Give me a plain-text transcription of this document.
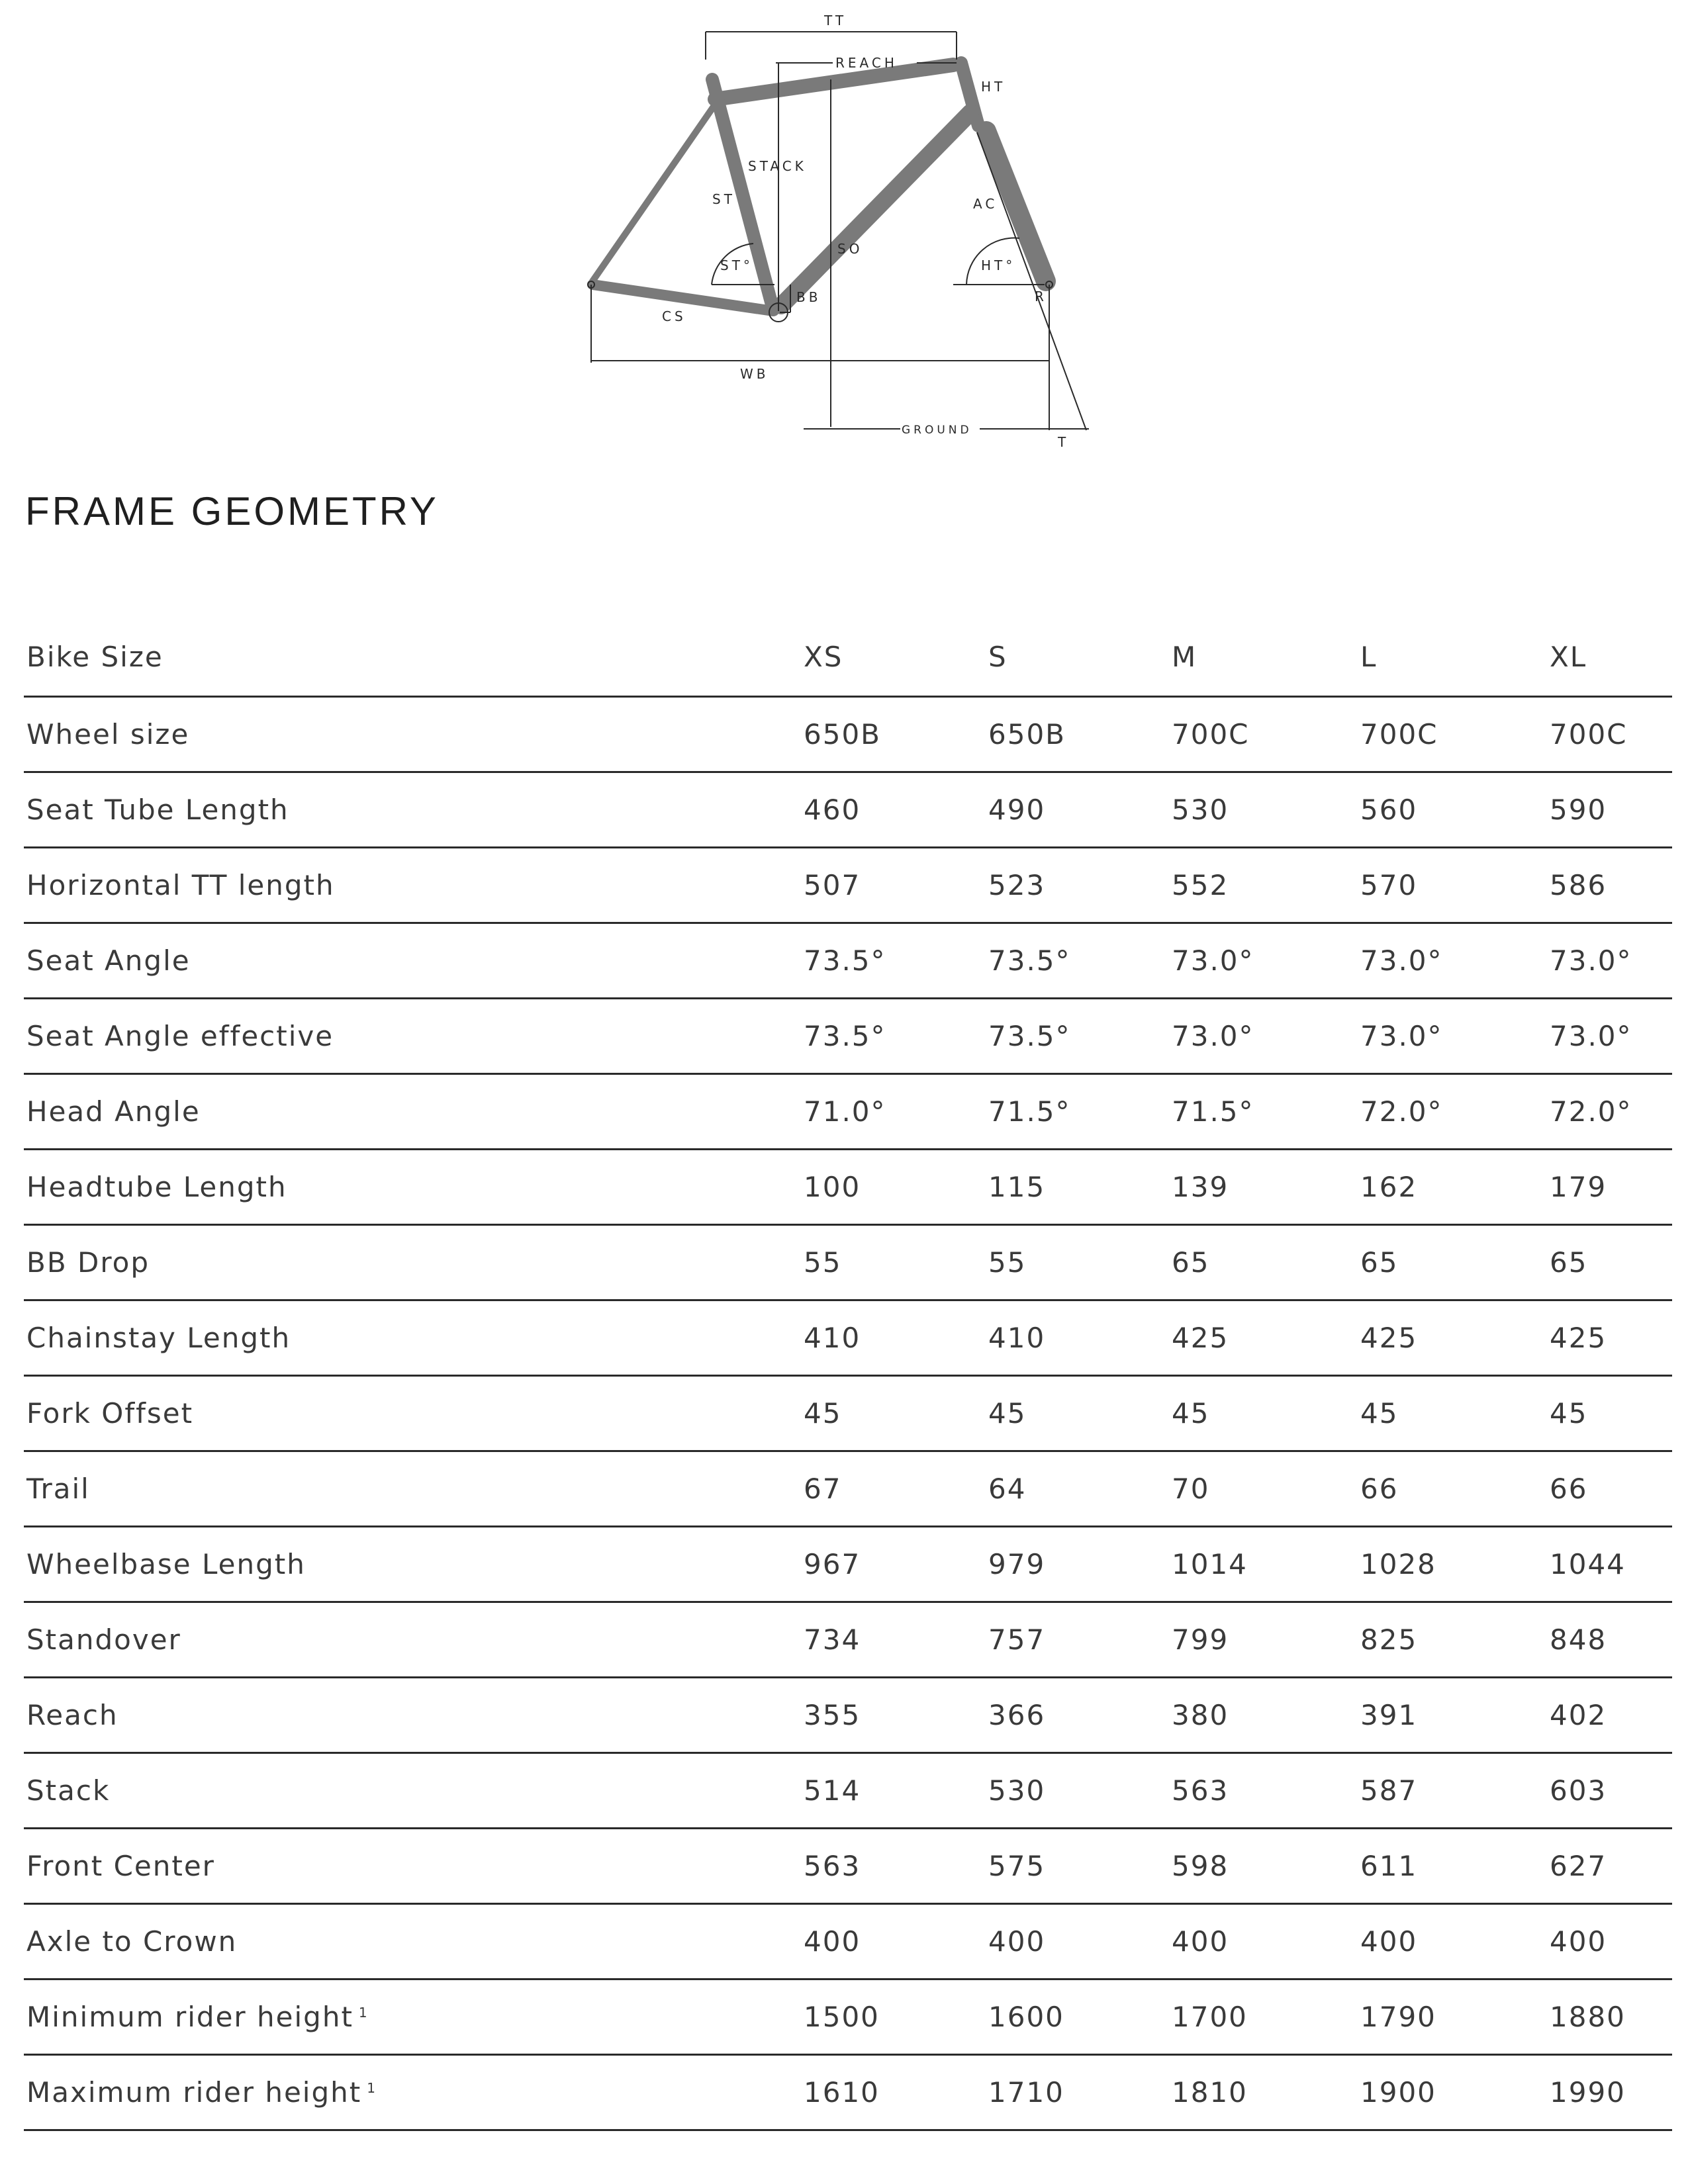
TT
REACH
HT
STACK
ST	AC
ST°
SO
HT°
BB	R
CS
WB
GROUND
T
FRAME GEOMETRY
Bike Size	XS	S	M	L	XL
Wheel size	650B	650B	700C	700C	700C
Seat Tube Length	460	490	530	560	590
Horizontal TT length	507	523	552	570	586
Seat Angle	73.5°	73.5°	73.0°	73.0°	73.0°
Seat Angle effective	73.5°	73.5°	73.0°	73.0°	73.0°
Head Angle	71.0°	71.5°	71.5°	72.0°	72.0°
Headtube Length	100	115	139	162	179
BB Drop	55	55	65	65	65
Chainstay Length	410	410	425	425	425
Fork Offset	45	45	45	45	45
Trail	67	64	70	66	66
Wheelbase Length	967	979	1014	1028	1044
Standover	734	757	799	825	848
Reach	355	366	380	391	402
Stack	514	530	563	587	603
Front Center	563	575	598	611	627
Axle to Crown	400	400	400	400	400
Minimum rider height $^1$	1500	1600	1700	1790	1880
Maximum rider height $^1$	1610	1710	1810	1900	1990
